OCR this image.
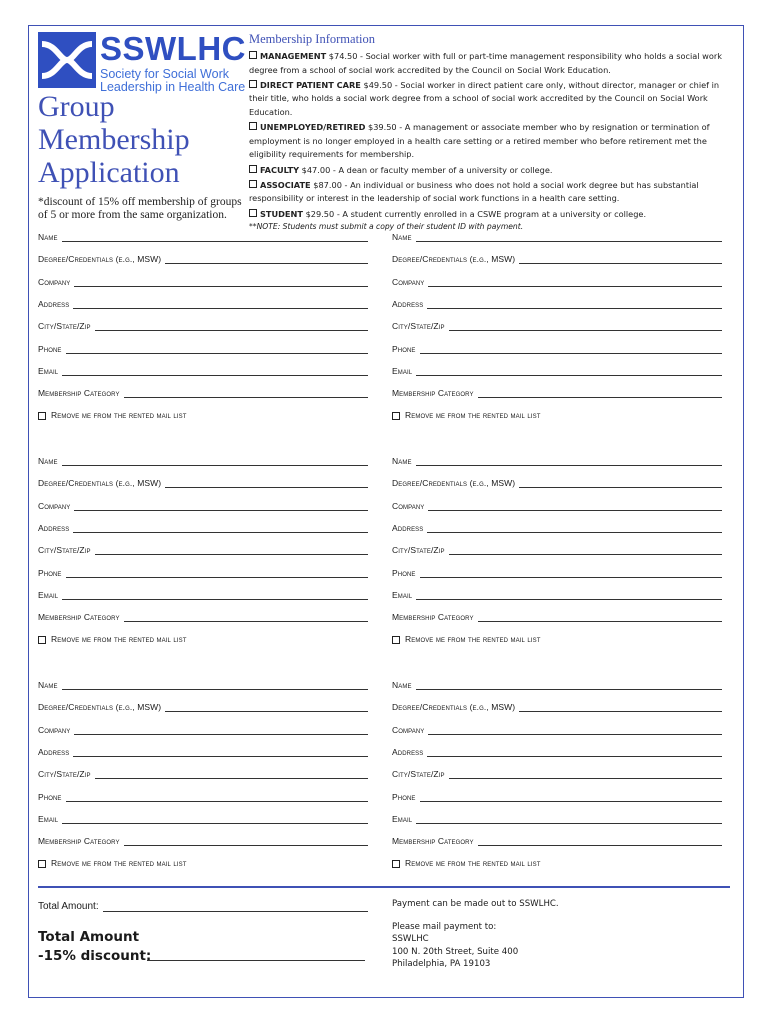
SSWLHC
Society for Social Work
Leadership in Health Care
Group
Membership
Application
*discount of 15% off membership of groups of 5 or more from the same organization.
Membership Information
MANAGEMENT $74.50 - Social worker with full or part-time management responsibility who holds a social work degree from a school of social work accredited by the Council on Social Work Education.
DIRECT PATIENT CARE $49.50 - Social worker in direct patient care only, without director, manager or chief in their title, who holds a social work degree from a school of social work accredited by the Council on Social Work Education.
UNEMPLOYED/RETIRED $39.50 - A management or associate member who by resignation or termination of employment is no longer employed in a health care setting or a retired member who before retirement met the eligibility requirements for membership.
FACULTY $47.00 - A dean or faculty member of a university or college.
ASSOCIATE $87.00 - An individual or business who does not hold a social work degree but has substantial responsibility or interest in the leadership of social work functions in a health care setting.
STUDENT $29.50 - A student currently enrolled in a CSWE program at a university or college.
**NOTE: Students must submit a copy of their student ID with payment.
Name
Degree/Credentials (e.g., MSW)
Company
Address
City/State/Zip
Phone
Email
Membership Category
Remove me from the rented mail list
Name
Degree/Credentials (e.g., MSW)
Company
Address
City/State/Zip
Phone
Email
Membership Category
Remove me from the rented mail list
Name
Degree/Credentials (e.g., MSW)
Company
Address
City/State/Zip
Phone
Email
Membership Category
Remove me from the rented mail list
Name
Degree/Credentials (e.g., MSW)
Company
Address
City/State/Zip
Phone
Email
Membership Category
Remove me from the rented mail list
Name
Degree/Credentials (e.g., MSW)
Company
Address
City/State/Zip
Phone
Email
Membership Category
Remove me from the rented mail list
Name
Degree/Credentials (e.g., MSW)
Company
Address
City/State/Zip
Phone
Email
Membership Category
Remove me from the rented mail list
Total Amount:
Total Amount
-15% discount:
Payment can be made out to SSWLHC.
Please mail payment to:
SSWLHC
100 N. 20th Street, Suite 400
Philadelphia, PA 19103
